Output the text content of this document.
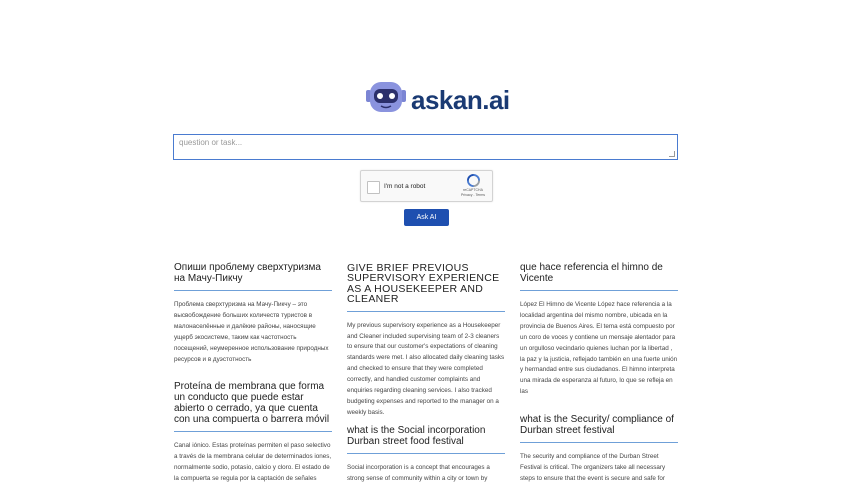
askan.ai
question or task...
I'm not a robot	reCAPTCHA
Privacy - Terms
Ask AI
Опиши проблему сверхтуризма на Мачу-Пикчу

Проблема сверхтуризма на Мачу-Пикчу – это высвобождение больших количеств туристов в малонаселённые и далёкие районы, наносящие ущерб экосистеме, таким как частотность посещений, неумеренное использование природных ресурсов и в дуэстотность

Proteína de membrana que forma un conducto que puede estar abierto o cerrado, ya que cuenta con una compuerta o barrera móvil

Canal iónico. Estas proteínas permiten el paso selectivo a través de la membrana celular de determinados iones, normalmente sodio, potasio, calcio y cloro. El estado de la compuerta se regula por la captación de señales

GIVE BRIEF PREVIOUS SUPERVISORY EXPERIENCE AS A HOUSEKEEPER AND CLEANER

My previous supervisory experience as a Housekeeper and Cleaner included supervising team of 2-3 cleaners to ensure that our customer's expectations of cleaning standards were met. I also allocated daily cleaning tasks and checked to ensure that they were completed correctly, and handled customer complaints and enquiries regarding cleaning services. I also tracked budgeting expenses and reported to the manager on a weekly basis.

what is the Social incorporation Durban street food festival

Social incorporation is a concept that encourages a strong sense of community within a city or town by

que hace referencia el himno de Vicente

López El Himno de Vicente López hace referencia a la localidad argentina del mismo nombre, ubicada en la provincia de Buenos Aires. El tema está compuesto por un coro de voces y contiene un mensaje alentador para un orgulloso vecindario quienes luchan por la libertad , la paz y la justicia, reflejado también en una fuerte unión y hermandad entre sus ciudadanos. El himno interpreta una mirada de esperanza al futuro, lo que se refleja en las

what is the Security/ compliance of Durban street festival

The security and compliance of the Durban Street Festival is critical. The organizers take all necessary steps to ensure that the event is secure and safe for
